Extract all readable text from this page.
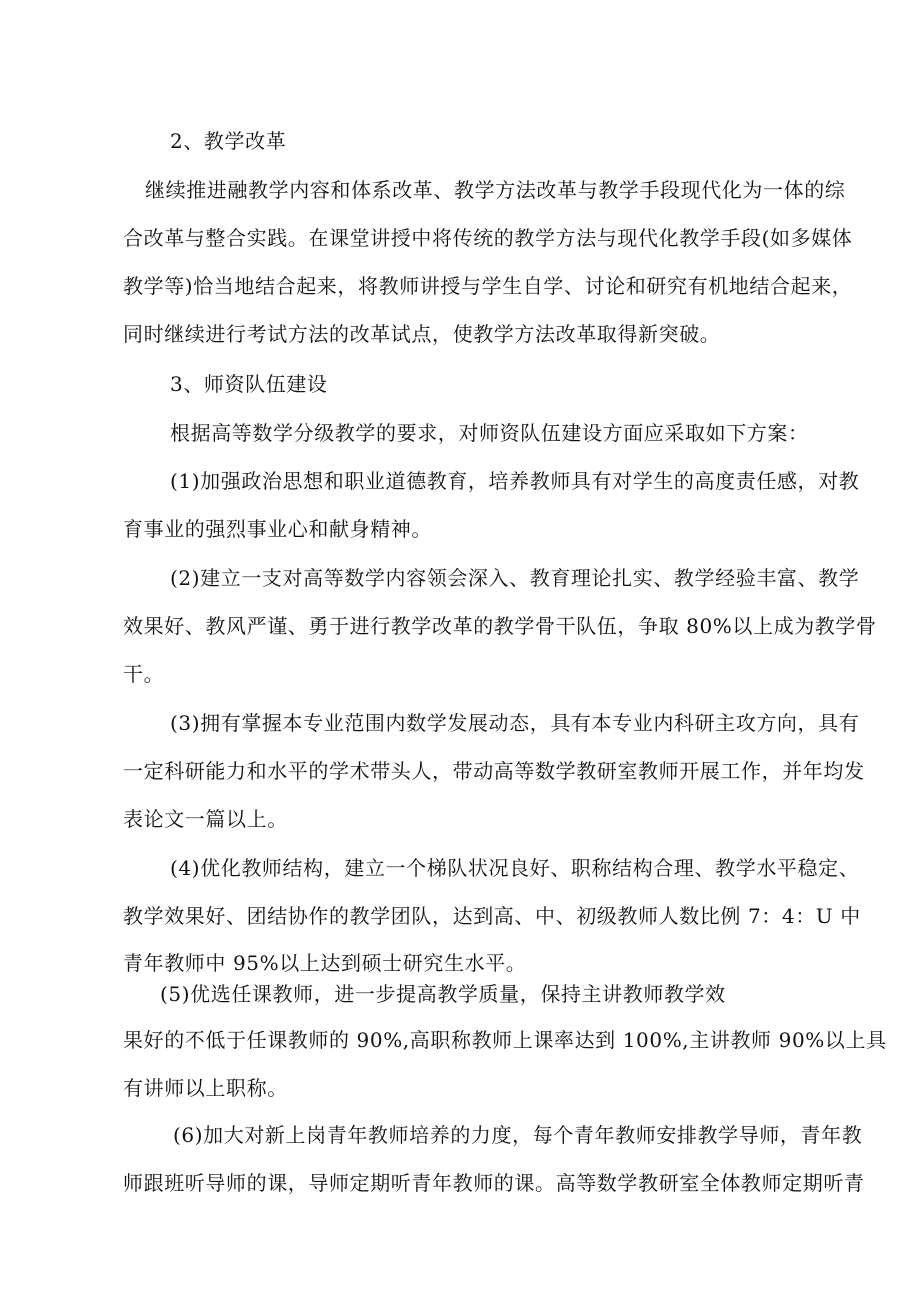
2、教学改革
继续推进融教学内容和体系改革、教学方法改革与教学手段现代化为一体的综
合改革与整合实践。在课堂讲授中将传统的教学方法与现代化教学手段(如多媒体
教学等)恰当地结合起来，将教师讲授与学生自学、讨论和研究有机地结合起来，
同时继续进行考试方法的改革试点，使教学方法改革取得新突破。
3、师资队伍建设
根据高等数学分级教学的要求，对师资队伍建设方面应采取如下方案：
(1)加强政治思想和职业道德教育，培养教师具有对学生的高度责任感，对教
育事业的强烈事业心和献身精神。
(2)建立一支对高等数学内容领会深入、教育理论扎实、教学经验丰富、教学
效果好、教风严谨、勇于进行教学改革的教学骨干队伍，争取 80%以上成为教学骨
干。
(3)拥有掌握本专业范围内数学发展动态，具有本专业内科研主攻方向，具有
一定科研能力和水平的学术带头人，带动高等数学教研室教师开展工作，并年均发
表论文一篇以上。
(4)优化教师结构，建立一个梯队状况良好、职称结构合理、教学水平稳定、
教学效果好、团结协作的教学团队，达到高、中、初级教师人数比例 7：4：U 中
青年教师中 95%以上达到硕士研究生水平。
(5)优选任课教师，进一步提高教学质量，保持主讲教师教学效
果好的不低于任课教师的 90%,高职称教师上课率达到 100%,主讲教师 90%以上具
有讲师以上职称。
(6)加大对新上岗青年教师培养的力度，每个青年教师安排教学导师，青年教
师跟班听导师的课，导师定期听青年教师的课。高等数学教研室全体教师定期听青
